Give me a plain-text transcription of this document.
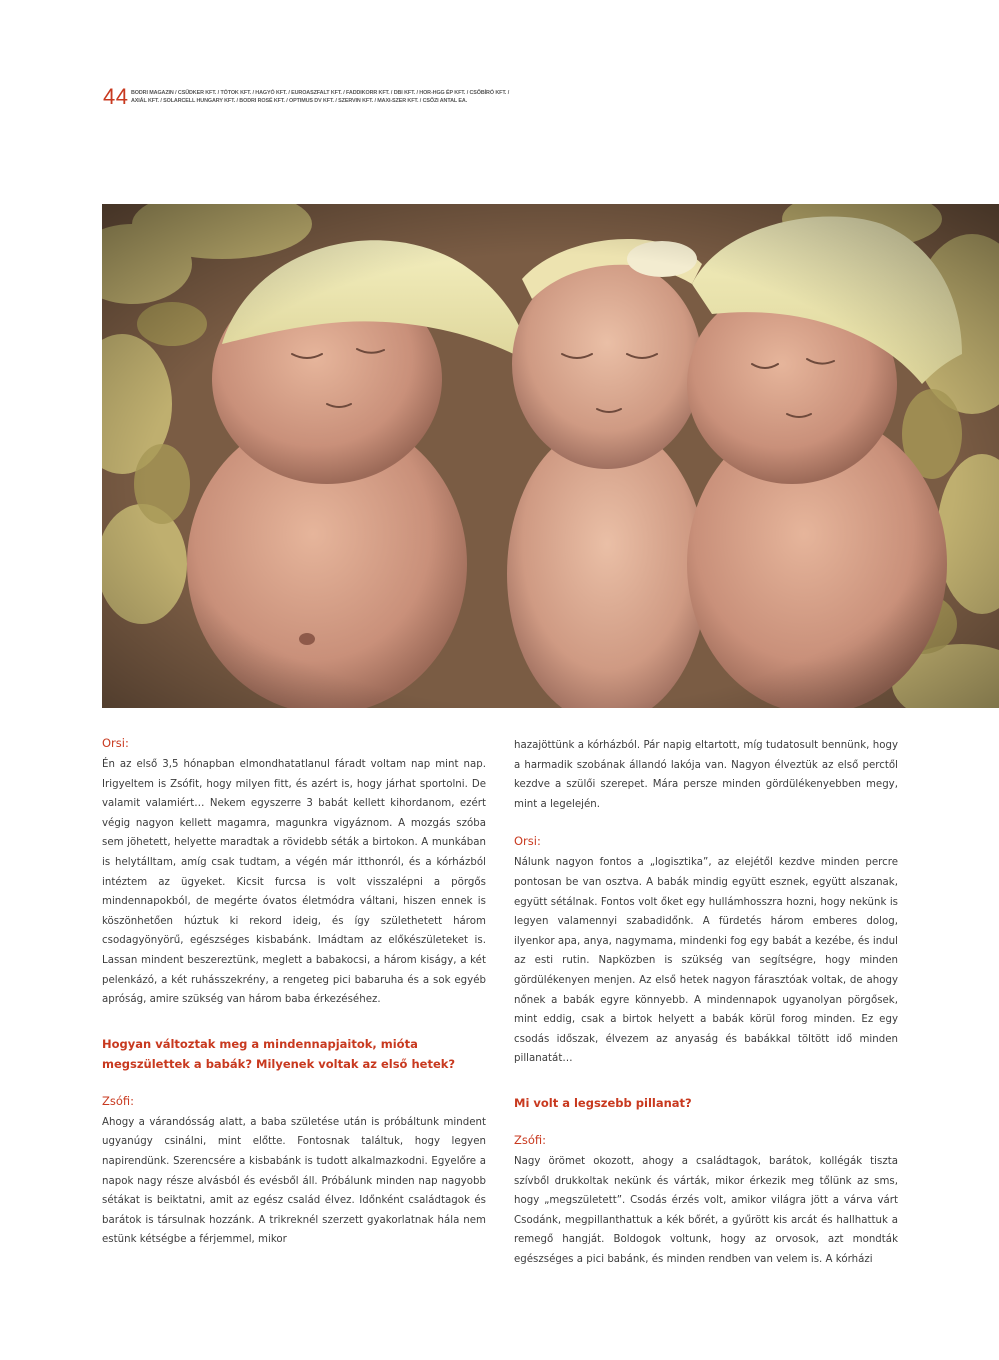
44 BODRI MAGAZIN / CSŰDKER KFT. / TÓTOK KFT. / HAGYÓ KFT. / EUROASZFALT KFT. / FADDIKORR KFT. / DBI KFT. / HOR-HGG ÉP KFT. / CSŐBÍRÓ KFT. /
AXIÁL KFT. / SOLARCELL HUNGARY KFT. / BODRI ROSÉ KFT. / OPTIMUS DV KFT. / SZERVIN KFT. / MAXI-SZER KFT. / CSŐZI ANTAL EA.

Orsi:

Én az első 3,5 hónapban elmondhatatlanul fáradt voltam nap mint nap. Irigyeltem is Zsófit, hogy milyen fitt, és azért is, hogy járhat sportolni. De valamit valamiért… Nekem egyszerre 3 babát kellett kihordanom, ezért végig nagyon kellett magamra, magunkra vigyáznom. A mozgás szóba sem jöhetett, helyette maradtak a rövidebb séták a birtokon. A munkában is helytálltam, amíg csak tudtam, a végén már itthonról, és a kórházból intéztem az ügyeket. Kicsit furcsa is volt visszalépni a pörgős mindennapokból, de megérte óvatos életmódra váltani, hiszen ennek is köszönhetően húztuk ki rekord ideig, és így születhetett három csodagyönyörű, egészséges kisbabánk. Imádtam az előkészületeket is. Lassan mindent beszereztünk, meglett a babakocsi, a három kiságy, a két pelenkázó, a két ruhásszekrény, a rengeteg pici babaruha és a sok egyéb apróság, amire szükség van három baba érkezéséhez.

Hogyan változtak meg a mindennapjaitok, mióta megszülettek a babák? Milyenek voltak az első hetek?

Zsófi:

Ahogy a várandósság alatt, a baba születése után is próbáltunk mindent ugyanúgy csinálni, mint előtte. Fontosnak találtuk, hogy legyen napirendünk. Szerencsére a kisbabánk is tudott alkalmazkodni. Egyelőre a napok nagy része alvásból és evésből áll. Próbálunk minden nap nagyobb sétákat is beiktatni, amit az egész család élvez. Időnként családtagok és barátok is társulnak hozzánk. A trikreknél szerzett gyakorlatnak hála nem estünk kétségbe a férjemmel, mikor

hazajöttünk a kórházból. Pár napig eltartott, míg tudatosult bennünk, hogy a harmadik szobának állandó lakója van. Nagyon élveztük az első perctől kezdve a szülői szerepet. Mára persze minden gördülékenyebben megy, mint a legelején.

Orsi:

Nálunk nagyon fontos a „logisztika”, az elejétől kezdve minden percre pontosan be van osztva. A babák mindig együtt esznek, együtt alszanak, együtt sétálnak. Fontos volt őket egy hullámhosszra hozni, hogy nekünk is legyen valamennyi szabadidőnk. A fürdetés három emberes dolog, ilyenkor apa, anya, nagymama, mindenki fog egy babát a kezébe, és indul az esti rutin. Napközben is szükség van segítségre, hogy minden gördülékenyen menjen. Az első hetek nagyon fárasztóak voltak, de ahogy nőnek a babák egyre könnyebb. A mindennapok ugyanolyan pörgősek, mint eddig, csak a birtok helyett a babák körül forog minden. Ez egy csodás időszak, élvezem az anyaság és babákkal töltött idő minden pillanatát…

Mi volt a legszebb pillanat?

Zsófi:

Nagy örömet okozott, ahogy a családtagok, barátok, kollégák tiszta szívből drukkoltak nekünk és várták, mikor érkezik meg tőlünk az sms, hogy „megszületett”. Csodás érzés volt, amikor világra jött a várva várt Csodánk, megpillanthattuk a kék bőrét, a gyűrött kis arcát és hallhattuk a remegő hangját. Boldogok voltunk, hogy az orvosok, azt mondták egészséges a pici babánk, és minden rendben van velem is. A kórházi
